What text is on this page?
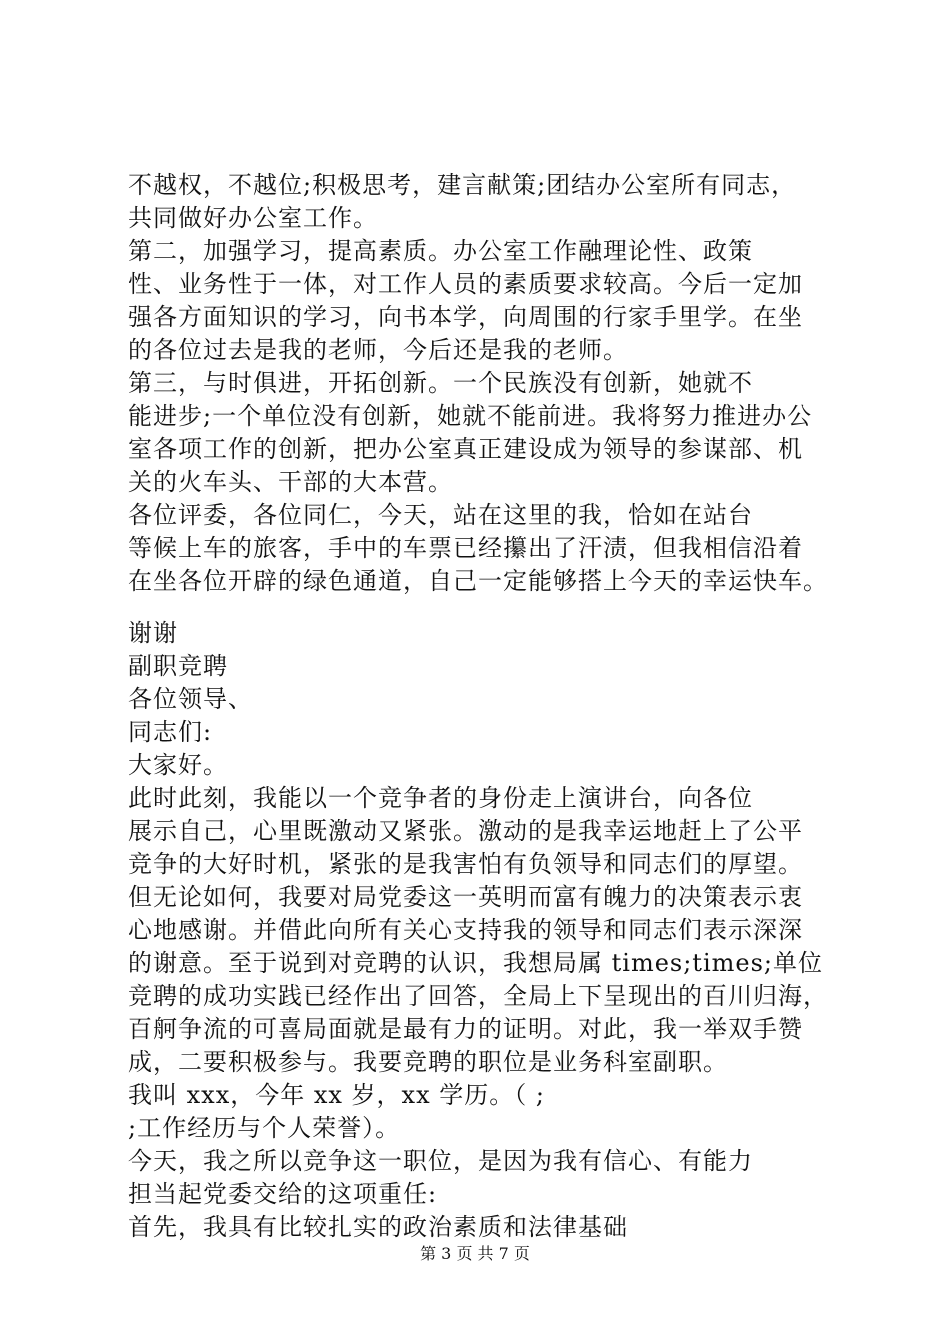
不越权，不越位;积极思考，建言献策;团结办公室所有同志，
共同做好办公室工作。
第二，加强学习，提高素质。办公室工作融理论性、政策
性、业务性于一体，对工作人员的素质要求较高。今后一定加
强各方面知识的学习，向书本学，向周围的行家手里学。在坐
的各位过去是我的老师，今后还是我的老师。
第三，与时俱进，开拓创新。一个民族没有创新，她就不
能进步;一个单位没有创新，她就不能前进。我将努力推进办公
室各项工作的创新，把办公室真正建设成为领导的参谋部、机
关的火车头、干部的大本营。
各位评委，各位同仁，今天，站在这里的我，恰如在站台
等候上车的旅客，手中的车票已经攥出了汗渍，但我相信沿着
在坐各位开辟的绿色通道，自己一定能够搭上今天的幸运快车。
谢谢
副职竞聘
各位领导、
同志们:
大家好。
此时此刻，我能以一个竞争者的身份走上演讲台，向各位
展示自己，心里既激动又紧张。激动的是我幸运地赶上了公平
竞争的大好时机，紧张的是我害怕有负领导和同志们的厚望。
但无论如何，我要对局党委这一英明而富有魄力的决策表示衷
心地感谢。并借此向所有关心支持我的领导和同志们表示深深
的谢意。至于说到对竞聘的认识，我想局属 times;times;单位
竞聘的成功实践已经作出了回答，全局上下呈现出的百川归海，
百舸争流的可喜局面就是最有力的证明。对此，我一举双手赞
成，二要积极参与。我要竞聘的职位是业务科室副职。
我叫 xxx，今年 xx 岁，xx 学历。（ ;
;工作经历与个人荣誉）。
今天，我之所以竞争这一职位，是因为我有信心、有能力
担当起党委交给的这项重任:
首先，我具有比较扎实的政治素质和法律基础
第 3 页 共 7 页
